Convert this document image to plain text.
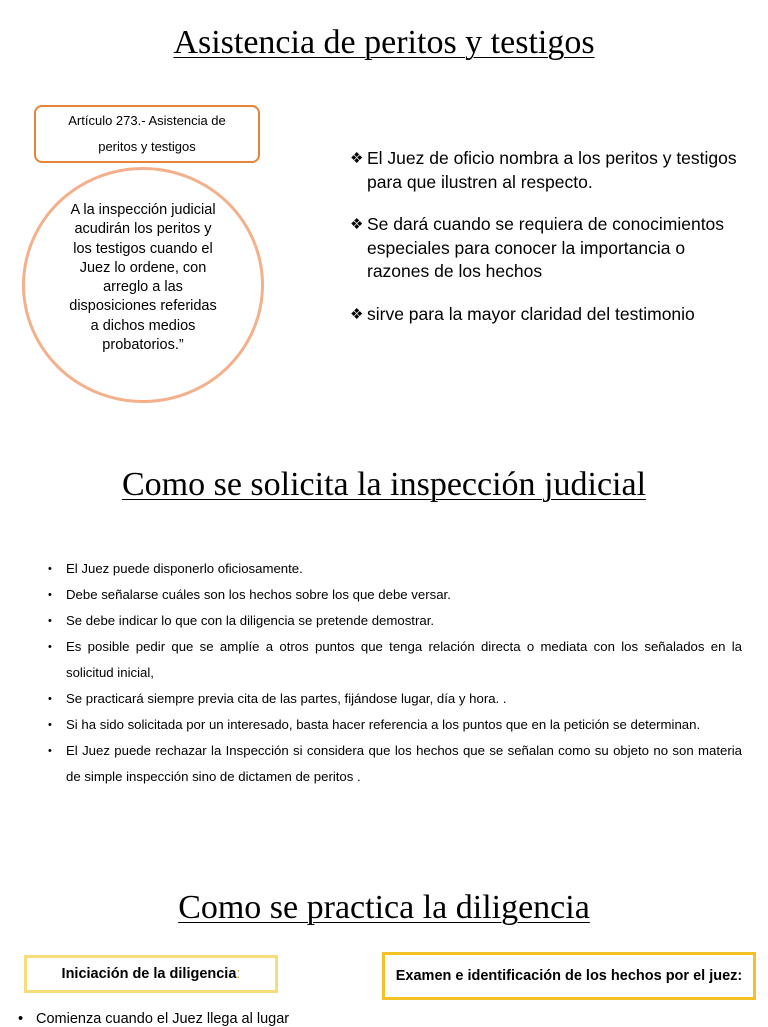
Asistencia de peritos y testigos
Artículo 273.- Asistencia de peritos y testigos
A la inspección judicial acudirán los peritos y los testigos cuando el Juez lo ordene, con arreglo a las disposiciones referidas a dichos medios probatorios.”
❖ El Juez de oficio nombra a los peritos y testigos para que ilustren al respecto.
❖ Se dará cuando se requiera de conocimientos especiales para conocer la importancia o razones de los hechos
❖ sirve para la mayor claridad del testimonio
Como se solicita la inspección judicial
• El Juez puede disponerlo oficiosamente.
• Debe señalarse cuáles son los hechos sobre los que debe versar.
• Se debe indicar lo que con la diligencia se pretende demostrar.
• Es posible pedir que se amplíe a otros puntos que tenga relación directa o mediata con los señalados en la solicitud inicial,
• Se practicará siempre previa cita de las partes, fijándose lugar, día y hora. .
• Si ha sido solicitada por un interesado, basta hacer referencia a los puntos que en la petición se determinan.
• El Juez puede rechazar la Inspección si considera que los hechos que se señalan como su objeto no son materia de simple inspección sino de dictamen de peritos .
Como se practica la diligencia
Iniciación de la diligencia :	Examen e identificación de los hechos por el juez:
• Comienza cuando el Juez llega al lugar
